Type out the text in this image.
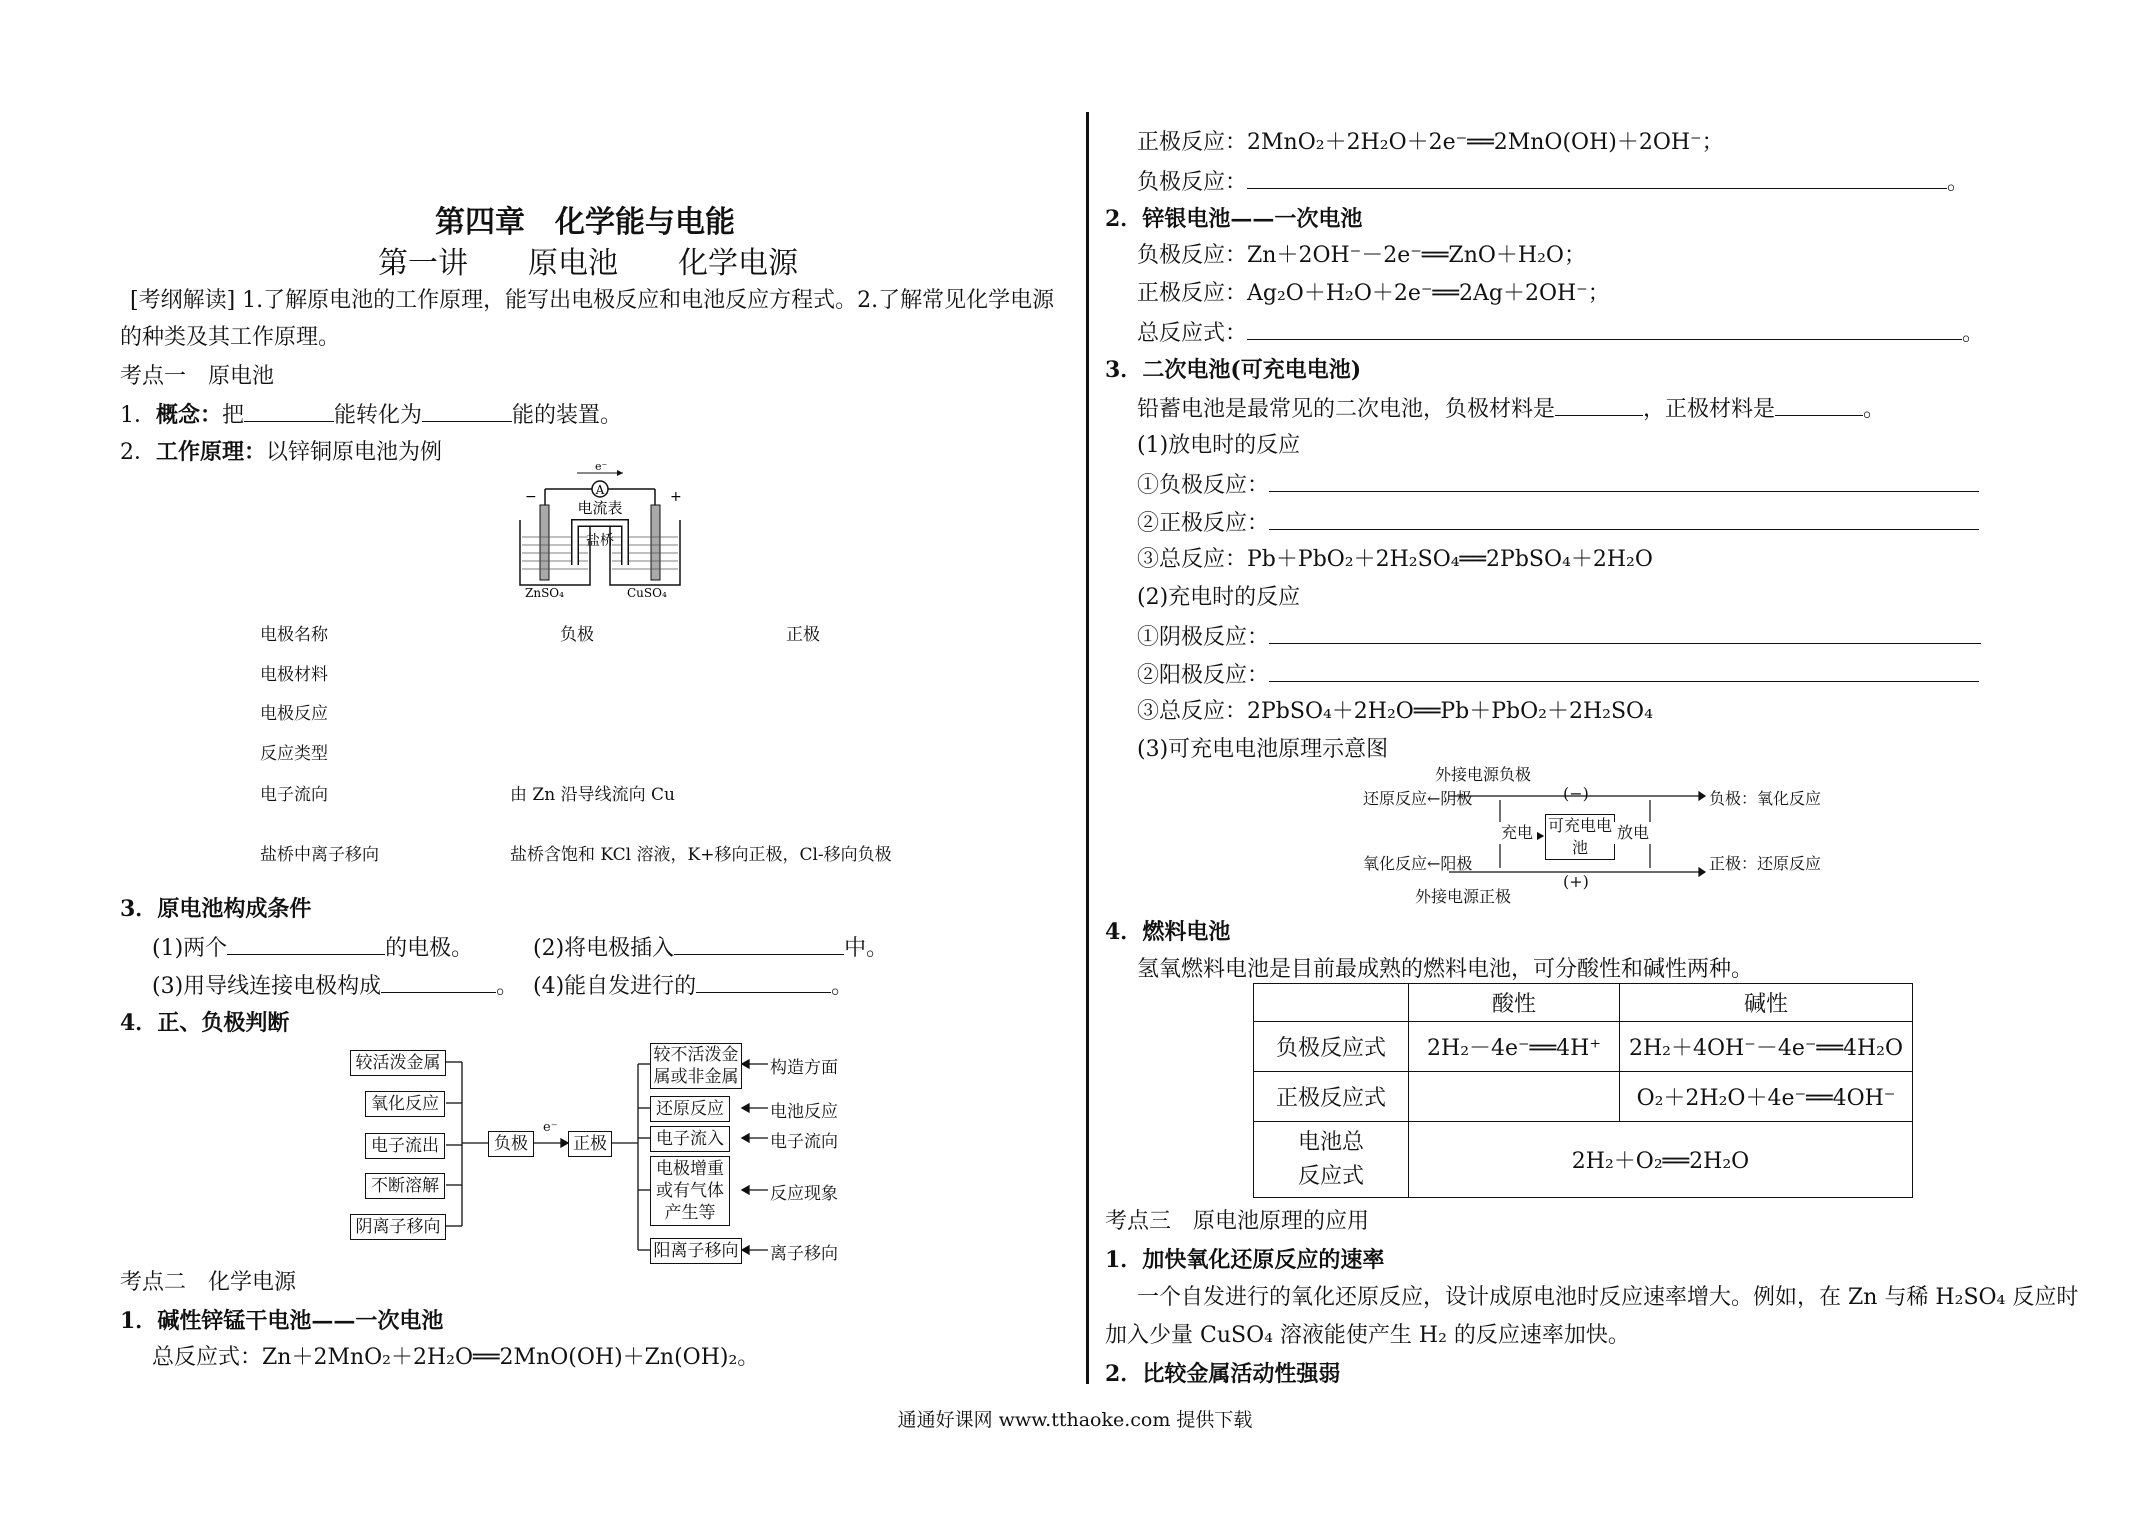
第四章　化学能与电能
第一讲　　原电池　　化学电源
[考纲解读] 1.了解原电池的工作原理，能写出电极反应和电池反应方程式。2.了解常见化学电源
的种类及其工作原理。
考点一　原电池
1．概念：把	能转化为	能的装置。
2．工作原理：以锌铜原电池为例
A
e⁻
−	+
电流表
盐桥
ZnSO₄	CuSO₄
电极名称	负极	正极
电极材料
电极反应
反应类型
电子流向	由 Zn 沿导线流向 Cu
盐桥中离子移向	盐桥含饱和 KCl 溶液，K+移向正极，Cl-移向负极
3．原电池构成条件
(1)两个	的电极。	(2)将电极插入	中。
(3)用导线连接电极构成	。 (4)能自发进行的	。
4．正、负极判断
较活泼金属
氧化反应
电子流出
不断溶解
阴离子移向
负极
e⁻
正极
较不活泼金属或非金属
还原反应
电子流入
电极增重或有气体产生等
阳离子移向
构造方面
电池反应
电子流向
反应现象
离子移向
考点二　化学电源
1．碱性锌锰干电池——一次电池
总反应式：Zn＋2MnO₂＋2H₂O══2MnO(OH)＋Zn(OH)₂。
正极反应：2MnO₂＋2H₂O＋2e⁻══2MnO(OH)＋2OH⁻；
负极反应：	。
2．锌银电池——一次电池
负极反应：Zn＋2OH⁻－2e⁻══ZnO＋H₂O；
正极反应：Ag₂O＋H₂O＋2e⁻══2Ag＋2OH⁻；
总反应式：	。
3．二次电池(可充电电池)
铅蓄电池是最常见的二次电池，负极材料是	，正极材料是	。
(1)放电时的反应
①负极反应：
②正极反应：
③总反应：Pb＋PbO₂＋2H₂SO₄══2PbSO₄＋2H₂O
(2)充电时的反应
①阴极反应：
②阳极反应：
③总反应：2PbSO₄＋2H₂O══Pb＋PbO₂＋2H₂SO₄
(3)可充电电池原理示意图
外接电源负极
还原反应←阴极	(−)	负极：氧化反应
充电 可充电电池
放电
氧化反应←阳极
(+)
正极：还原反应
外接电源正极
4．燃料电池
氢氧燃料电池是目前最成熟的燃料电池，可分酸性和碱性两种。
	酸性	碱性
负极反应式	2H₂－4e⁻══4H⁺	2H₂＋4OH⁻－4e⁻══4H₂O
正极反应式		O₂＋2H₂O＋4e⁻══4OH⁻

电池总
反应式	2H₂＋O₂══2H₂O	
考点三　原电池原理的应用
1．加快氧化还原反应的速率
一个自发进行的氧化还原反应，设计成原电池时反应速率增大。例如，在 Zn 与稀 H₂SO₄ 反应时
加入少量 CuSO₄ 溶液能使产生 H₂ 的反应速率加快。
2．比较金属活动性强弱
通通好课网 www.tthaoke.com 提供下载
